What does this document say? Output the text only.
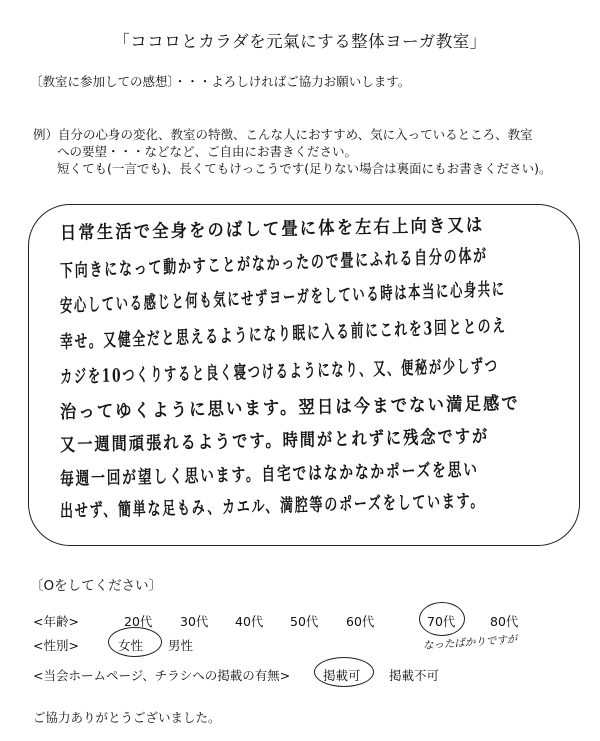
「ココロとカラダを元氣にする整体ヨーガ教室」
〔教室に参加しての感想〕・・・よろしければご協力お願いします。
例）自分の心身の変化、教室の特徴、こんな人におすすめ、気に入っているところ、教室
への要望・・・などなど、ご自由にお書きください。
短くても(一言でも)、長くてもけっこうです(足りない場合は裏面にもお書きください)。
日常生活で全身をのばして畳に体を左右上向き又は
下向きになって動かすことがなかったので畳にふれる自分の体が
安心している感じと何も気にせずヨーガをしている時は本当に心身共に
幸せ。又健全だと思えるようになり眠に入る前にこれを3回ととのえ
カジを10つくりすると良く寝つけるようになり、又、便秘が少しずつ
治ってゆくように思います。翌日は今までない満足感で
又一週間頑張れるようです。時間がとれずに残念ですが
毎週一回が望しく思います。自宅ではなかなかポーズを思い
出せず、簡単な足もみ、カエル、満腔等のポーズをしています。
〔Oをしてください〕
<年齢>	20代 30代 40代 50代 60代	70代	80代
なったばかりですが
<性別>	女性 男性
<当会ホームページ、チラシへの掲載の有無>	掲載可 掲載不可
ご協力ありがとうございました。
